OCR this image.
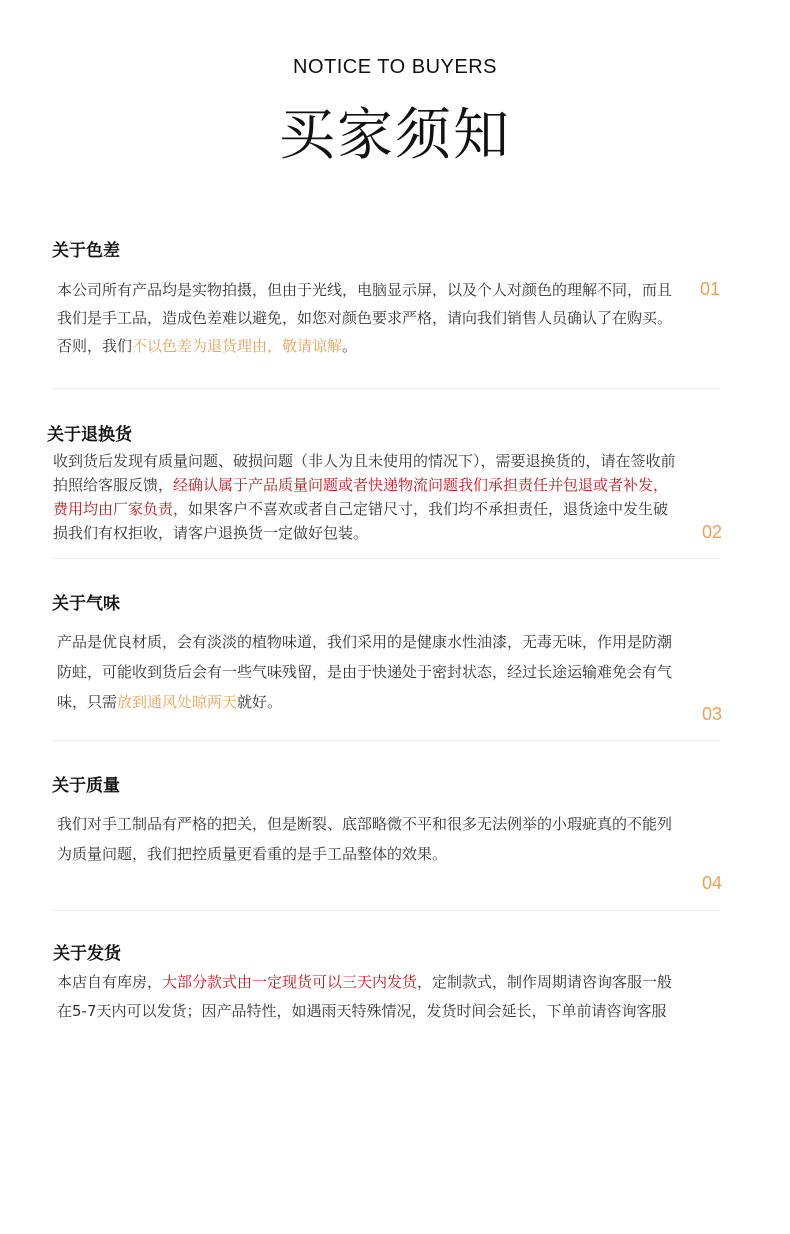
NOTICE TO BUYERS
买家须知
关于色差
本公司所有产品均是实物拍摄，但由于光线，电脑显示屏，以及个人对颜色的理解不同，而且我们是手工品，造成色差难以避免，如您对颜色要求严格，请向我们销售人员确认了在购买。否则，我们不以色差为退货理由，敬请谅解。
01
关于退换货
收到货后发现有质量问题、破损问题（非人为且未使用的情况下），需要退换货的，请在签收前拍照给客服反馈，经确认属于产品质量问题或者快递物流问题我们承担责任并包退或者补发，费用均由厂家负责，如果客户不喜欢或者自己定错尺寸，我们均不承担责任，退货途中发生破损我们有权拒收，请客户退换货一定做好包装。	02
关于气味
产品是优良材质，会有淡淡的植物味道，我们采用的是健康水性油漆，无毒无味，作用是防潮防蛀，可能收到货后会有一些气味残留，是由于快递处于密封状态，经过长途运输难免会有气味，只需放到通风处晾两天就好。
03
关于质量
我们对手工制品有严格的把关，但是断裂、底部略微不平和很多无法例举的小瑕疵真的不能列为质量问题，我们把控质量更看重的是手工品整体的效果。
04
关于发货
本店自有库房，大部分款式由一定现货可以三天内发货，定制款式，制作周期请咨询客服一般在5-7天内可以发货；因产品特性，如遇雨天特殊情况，发货时间会延长，下单前请咨询客服
